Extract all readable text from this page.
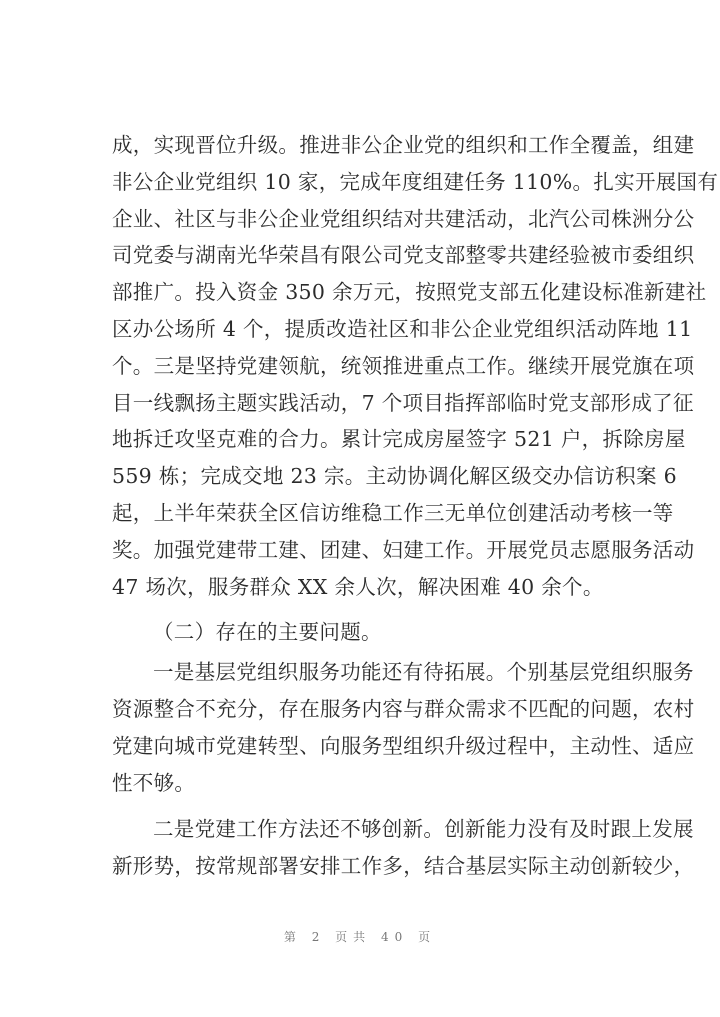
成，实现晋位升级。推进非公企业党的组织和工作全覆盖，组建
非公企业党组织 10 家，完成年度组建任务 110%。扎实开展国有
企业、社区与非公企业党组织结对共建活动，北汽公司株洲分公
司党委与湖南光华荣昌有限公司党支部整零共建经验被市委组织
部推广。投入资金 350 余万元，按照党支部五化建设标准新建社
区办公场所 4 个，提质改造社区和非公企业党组织活动阵地 11
个。三是坚持党建领航，统领推进重点工作。继续开展党旗在项
目一线飘扬主题实践活动，7 个项目指挥部临时党支部形成了征
地拆迁攻坚克难的合力。累计完成房屋签字 521 户，拆除房屋
559 栋；完成交地 23 宗。主动协调化解区级交办信访积案 6
起，上半年荣获全区信访维稳工作三无单位创建活动考核一等
奖。加强党建带工建、团建、妇建工作。开展党员志愿服务活动
47 场次，服务群众 XX 余人次，解决困难 40 余个。
（二）存在的主要问题。
一是基层党组织服务功能还有待拓展。个别基层党组织服务
资源整合不充分，存在服务内容与群众需求不匹配的问题，农村
党建向城市党建转型、向服务型组织升级过程中，主动性、适应
性不够。
二是党建工作方法还不够创新。创新能力没有及时跟上发展
新形势，按常规部署安排工作多，结合基层实际主动创新较少，
第 2 页共 40 页
